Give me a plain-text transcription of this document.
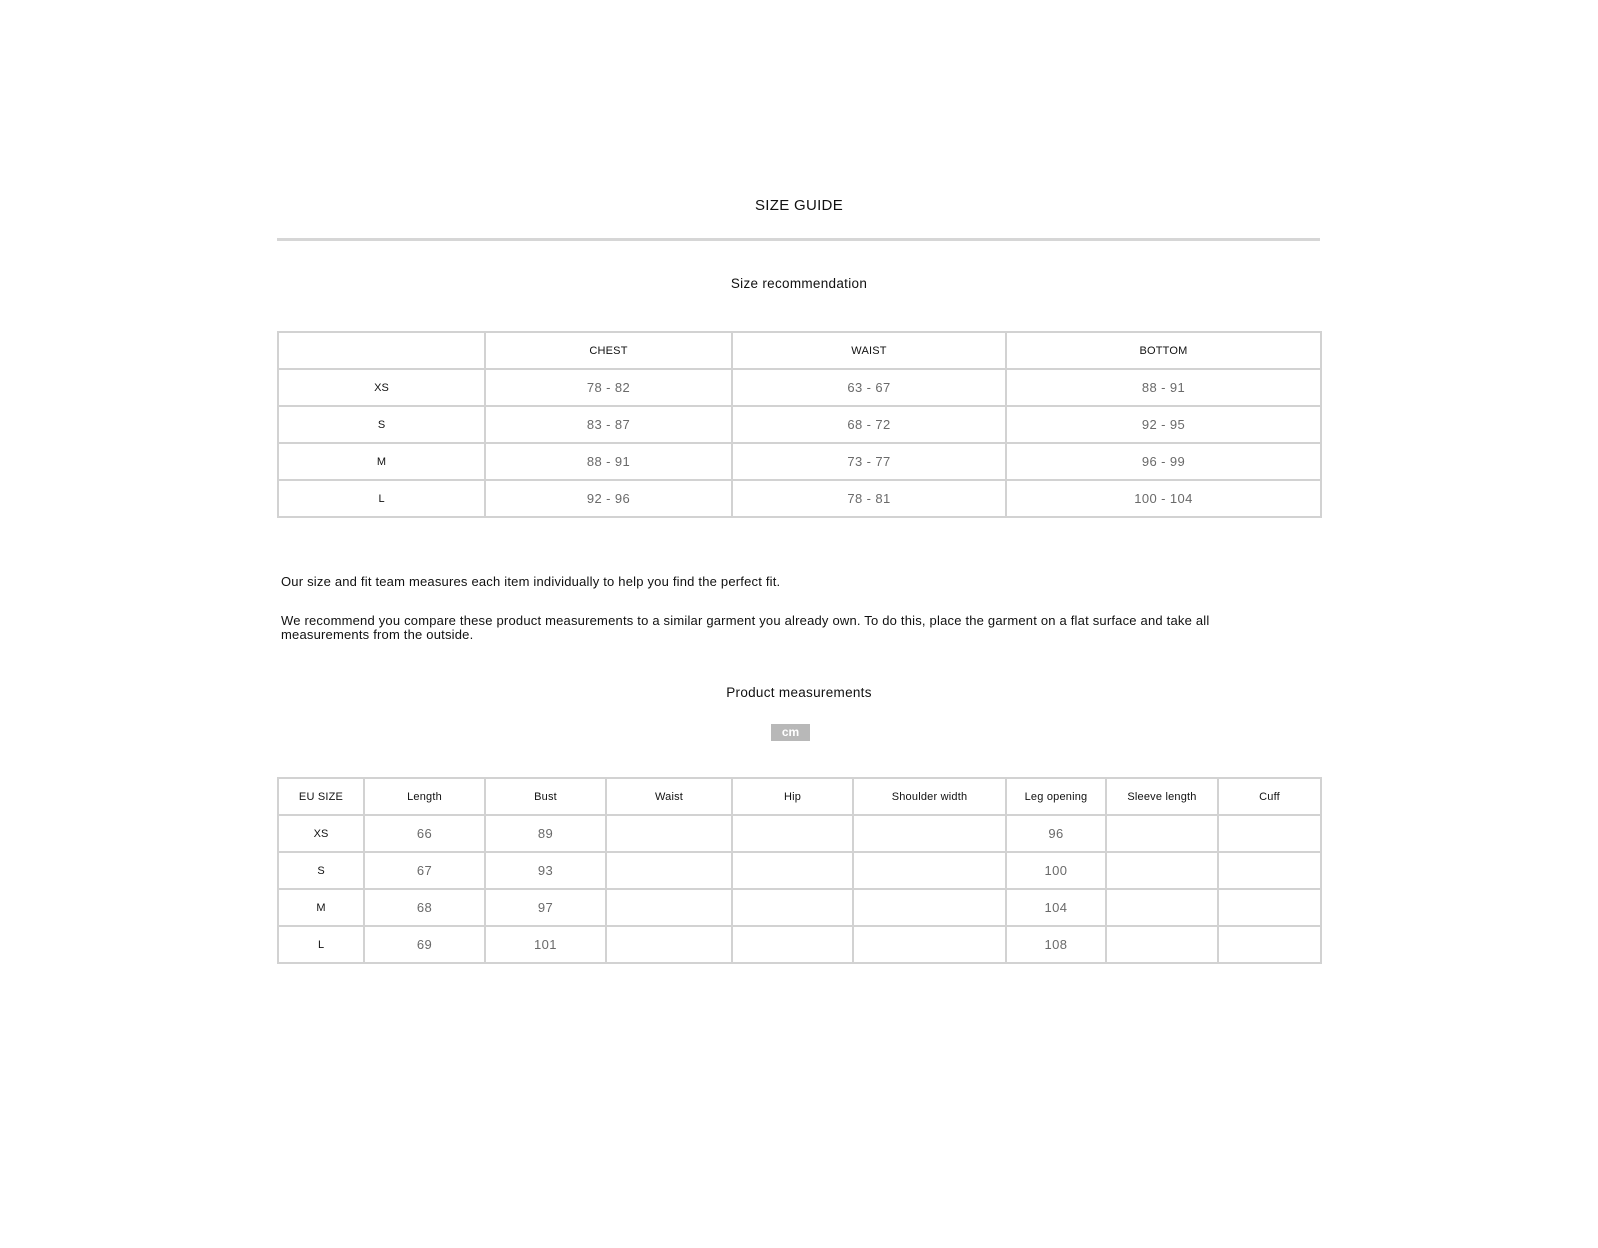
SIZE GUIDE
Size recommendation
	CHEST	WAIST	BOTTOM
XS	78 - 82	63 - 67	88 - 91
S	83 - 87	68 - 72	92 - 95
M	88 - 91	73 - 77	96 - 99
L	92 - 96	78 - 81	100 - 104
Our size and fit team measures each item individually to help you find the perfect fit.
We recommend you compare these product measurements to a similar garment you already own. To do this, place the garment on a flat surface and take all measurements from the outside.
Product measurements
cm
EU SIZE	Length	Bust	Waist	Hip	Shoulder width	Leg opening	Sleeve length	Cuff
XS	66	89				96		
S	67	93				100		
M	68	97				104		
L	69	101				108		
